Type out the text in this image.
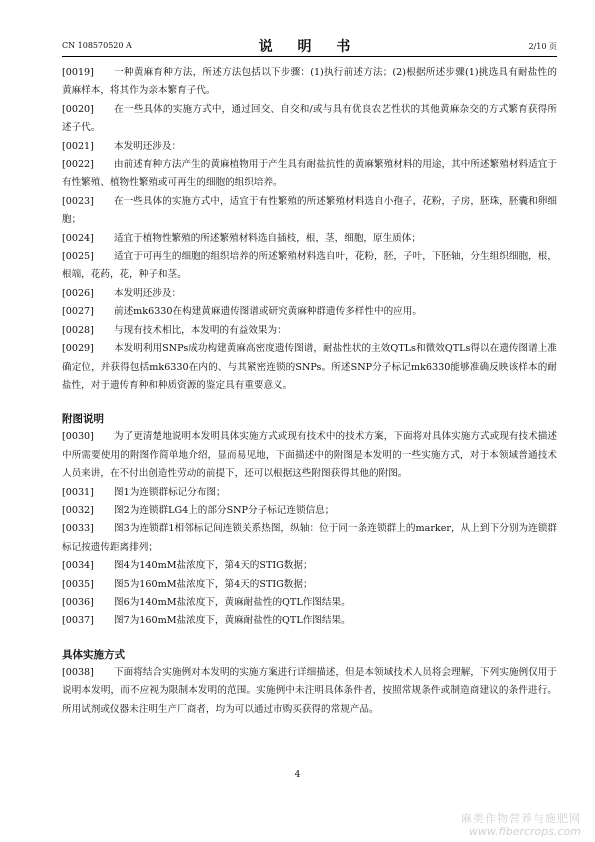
CN 108570520 A	说 明 书	2/10 页

[0019] 一种黄麻育种方法，所述方法包括以下步骤：(1)执行前述方法；(2)根据所述步骤(1)挑选具有耐盐性的黄麻样本，将其作为亲本繁育子代。

[0020] 在一些具体的实施方式中，通过回交、自交和/或与具有优良农艺性状的其他黄麻杂交的方式繁育获得所述子代。

[0021] 本发明还涉及：

[0022] 由前述育种方法产生的黄麻植物用于产生具有耐盐抗性的黄麻繁殖材料的用途，其中所述繁殖材料适宜于有性繁殖、植物性繁殖或可再生的细胞的组织培养。

[0023] 在一些具体的实施方式中，适宜于有性繁殖的所述繁殖材料选自小孢子，花粉，子房，胚珠，胚囊和卵细胞；

[0024] 适宜于植物性繁殖的所述繁殖材料选自插枝，根，茎，细胞，原生质体；

[0025] 适宜于可再生的细胞的组织培养的所述繁殖材料选自叶，花粉，胚，子叶，下胚轴，分生组织细胞，根，根端，花药，花，种子和茎。

[0026] 本发明还涉及：

[0027] 前述mk6330在构建黄麻遗传图谱或研究黄麻种群遗传多样性中的应用。

[0028] 与现有技术相比，本发明的有益效果为：

[0029] 本发明利用SNPs成功构建黄麻高密度遗传图谱，耐盐性状的主效QTLs和微效QTLs得以在遗传图谱上准确定位，并获得包括mk6330在内的、与其紧密连锁的SNPs。所述SNP分子标记mk6330能够准确反映该样本的耐盐性，对于遗传育种和种质资源的鉴定具有重要意义。

附图说明

[0030] 为了更清楚地说明本发明具体实施方式或现有技术中的技术方案，下面将对具体实施方式或现有技术描述中所需要使用的附图作简单地介绍，显而易见地，下面描述中的附图是本发明的一些实施方式，对于本领域普通技术人员来讲，在不付出创造性劳动的前提下，还可以根据这些附图获得其他的附图。

[0031] 图1为连锁群标记分布图；

[0032] 图2为连锁群LG4上的部分SNP分子标记连锁信息；

[0033] 图3为连锁群1相邻标记间连锁关系热图，纵轴：位于同一条连锁群上的marker，从上到下分别为连锁群标记按遗传距离排列；

[0034] 图4为140mM盐浓度下，第4天的STIG数据；

[0035] 图5为160mM盐浓度下，第4天的STIG数据；

[0036] 图6为140mM盐浓度下，黄麻耐盐性的QTL作图结果。

[0037] 图7为160mM盐浓度下，黄麻耐盐性的QTL作图结果。

具体实施方式

[0038] 下面将结合实施例对本发明的实施方案进行详细描述，但是本领域技术人员将会理解，下列实施例仅用于说明本发明，而不应视为限制本发明的范围。实施例中未注明具体条件者，按照常规条件或制造商建议的条件进行。所用试剂或仪器未注明生产厂商者，均为可以通过市购买获得的常规产品。

4
麻类作物营养与施肥网
www.fibercrops.com
